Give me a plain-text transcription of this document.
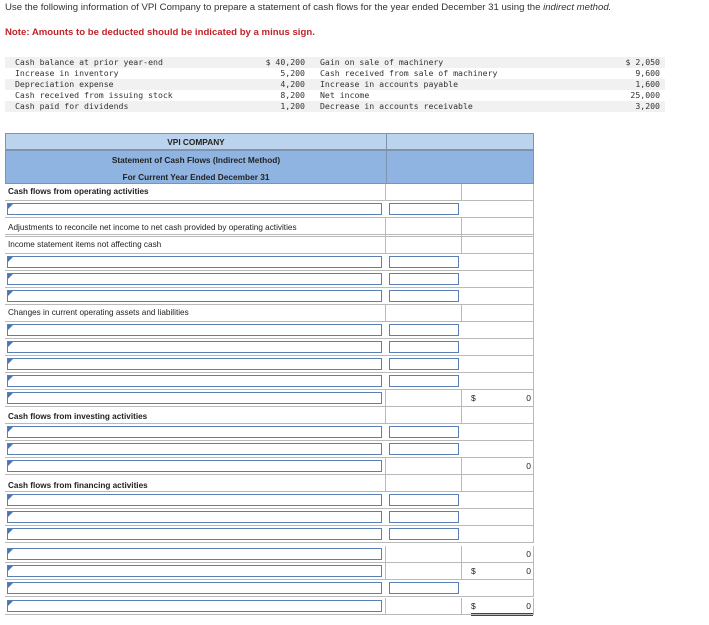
Use the following information of VPI Company to prepare a statement of cash flows for the year ended December 31 using the indirect method.
Note: Amounts to be deducted should be indicated by a minus sign.
Cash balance at prior year-end	$ 40,200 Gain on sale of machinery	$ 2,050
Increase in inventory	5,200 Cash received from sale of machinery	9,600
Depreciation expense	4,200 Increase in accounts payable	1,600
Cash received from issuing stock	8,200 Net income	25,000
Cash paid for dividends	1,200 Decrease in accounts receivable	3,200
VPI COMPANY
Statement of Cash Flows (Indirect Method)
For Current Year Ended December 31
Cash flows from operating activities
Adjustments to reconcile net income to net cash provided by operating activities
Income statement items not affecting cash
Changes in current operating assets and liabilities
$	0
Cash flows from investing activities
0
Cash flows from financing activities
0
$	0
$	0
